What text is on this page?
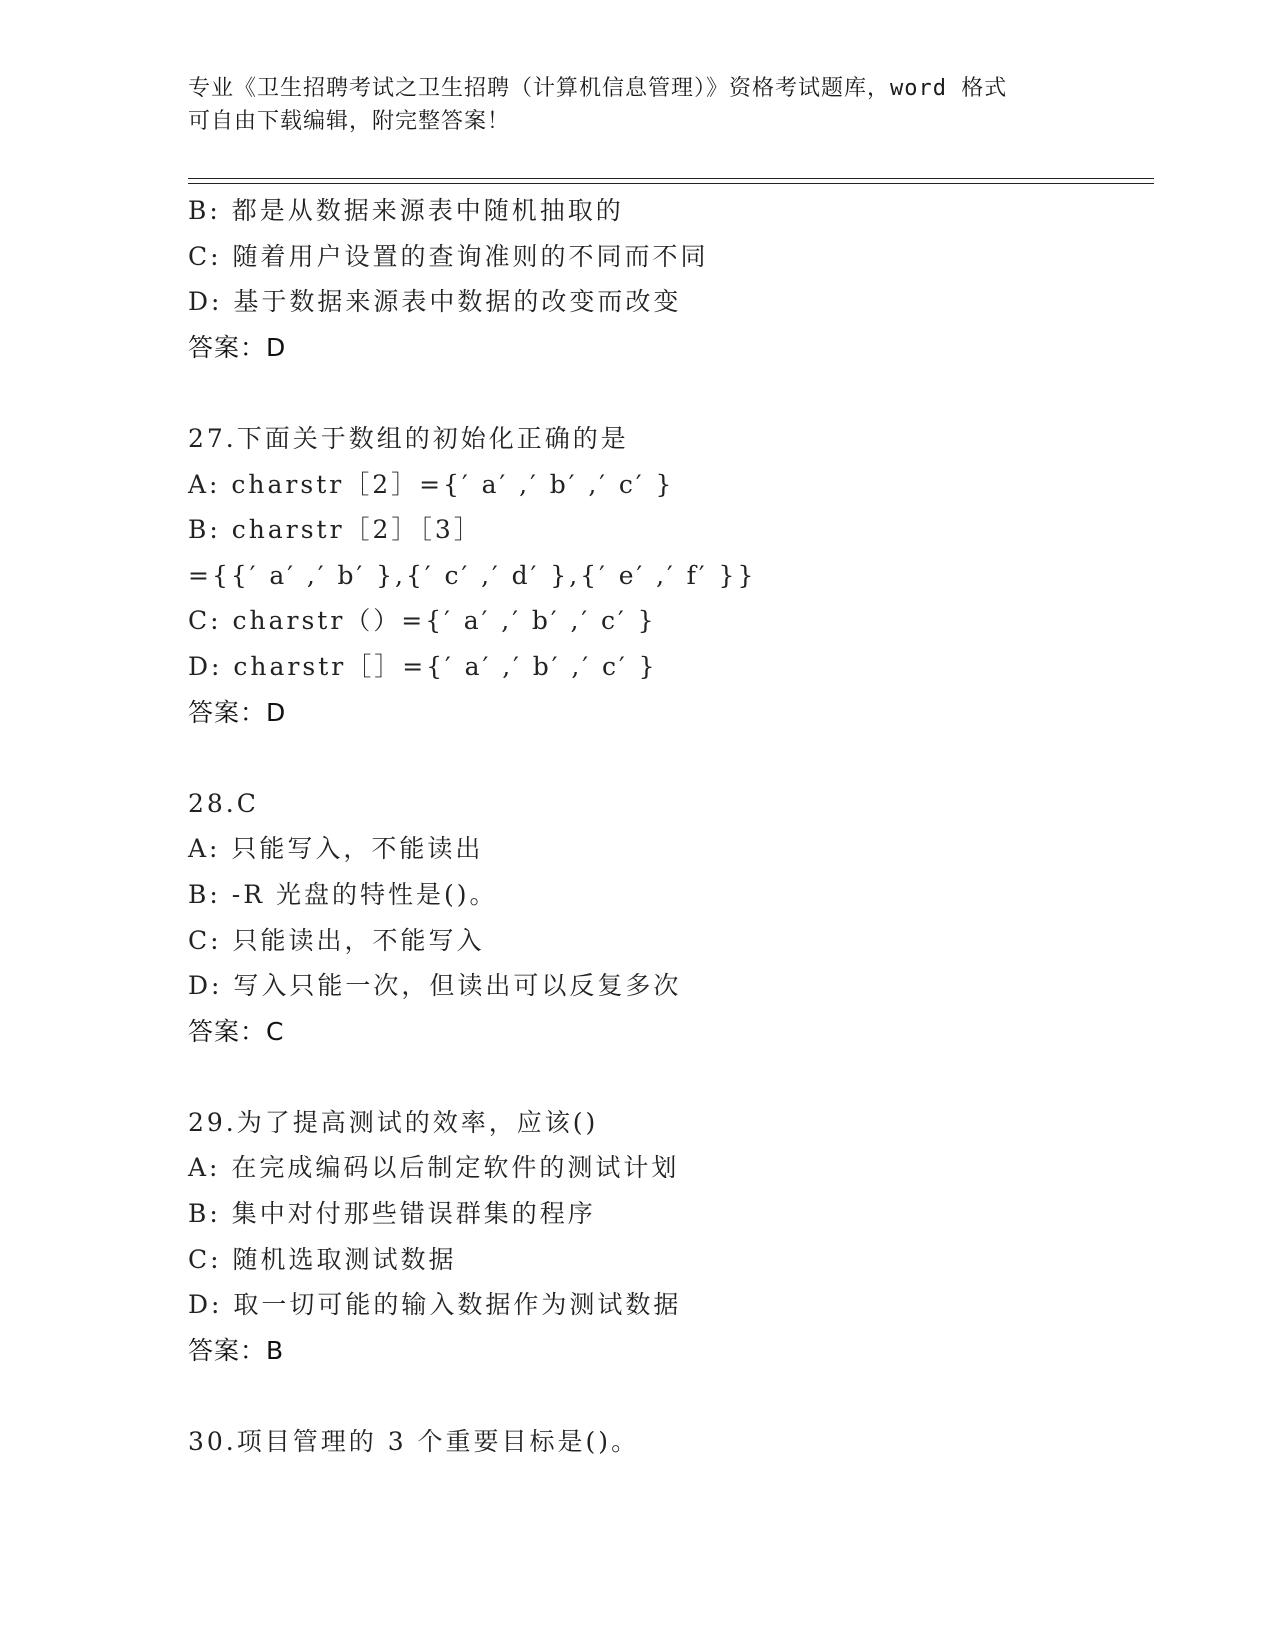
专业《卫生招聘考试之卫生招聘（计算机信息管理）》资格考试题库，word 格式
可自由下载编辑，附完整答案！
B: 都是从数据来源表中随机抽取的
C: 随着用户设置的查询准则的不同而不同
D: 基于数据来源表中数据的改变而改变
答案：D
27.下面关于数组的初始化正确的是
A: charstr［2］={′ a′ ,′ b′ ,′ c′ }
B: charstr［2］［3］
={{′ a′ ,′ b′ },{′ c′ ,′ d′ },{′ e′ ,′ f′ }}
C: charstr（）={′ a′ ,′ b′ ,′ c′ }
D: charstr［］={′ a′ ,′ b′ ,′ c′ }
答案：D
28.C
A: 只能写入，不能读出
B: -R 光盘的特性是()。
C: 只能读出，不能写入
D: 写入只能一次，但读出可以反复多次
答案：C
29.为了提高测试的效率，应该()
A: 在完成编码以后制定软件的测试计划
B: 集中对付那些错误群集的程序
C: 随机选取测试数据
D: 取一切可能的输入数据作为测试数据
答案：B
30.项目管理的 3 个重要目标是()。
